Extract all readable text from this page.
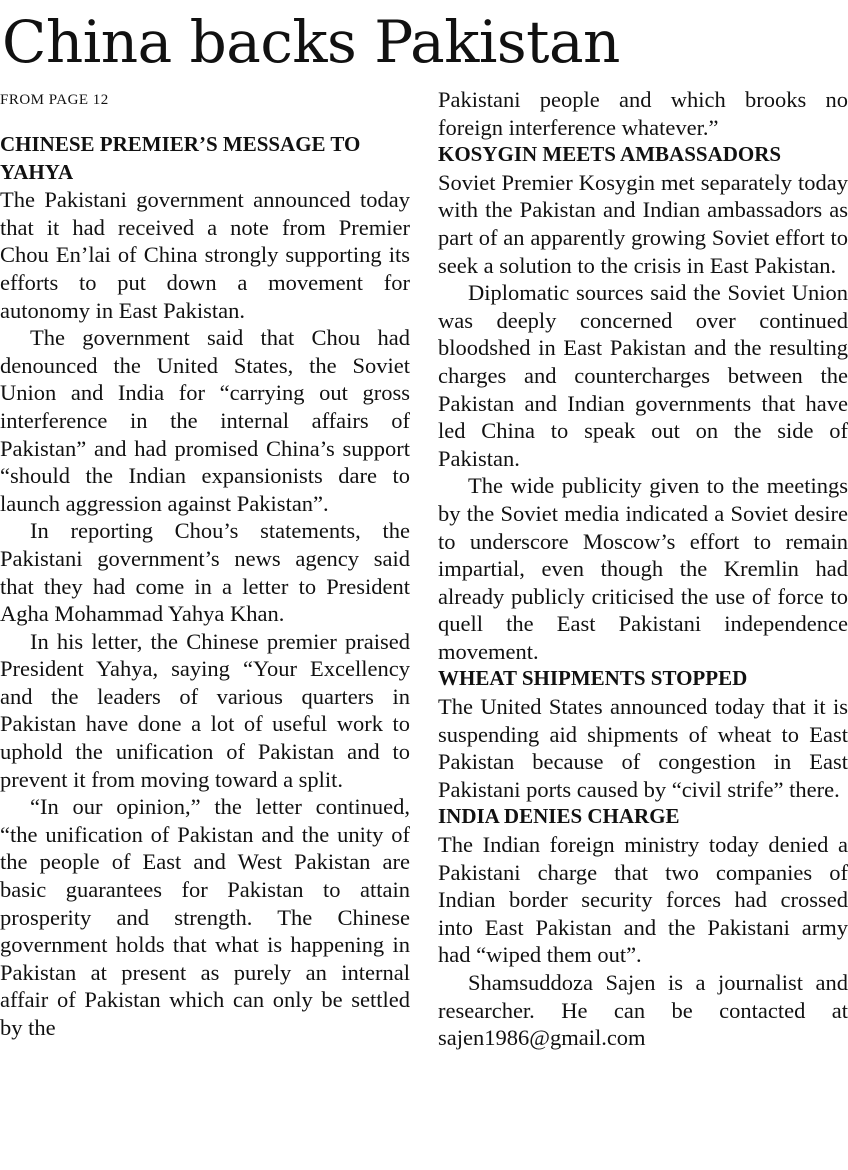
China backs Pakistan
FROM PAGE 12
CHINESE PREMIER’S MESSAGE TO YAHYA

The Pakistani government announced today that it had received a note from Premier Chou En’lai of China strongly supporting its efforts to put down a movement for autonomy in East Pakistan.

The government said that Chou had denounced the United States, the Soviet Union and India for “carrying out gross interference in the internal affairs of Pakistan” and had promised China’s support “should the Indian expansionists dare to launch aggression against Pakistan”.

In reporting Chou’s statements, the Pakistani government’s news agency said that they had come in a letter to President Agha Mohammad Yahya Khan.

In his letter, the Chinese premier praised President Yahya, saying “Your Excellency and the leaders of various quarters in Pakistan have done a lot of useful work to uphold the unification of Pakistan and to prevent it from moving toward a split.

“In our opinion,” the letter continued, “the unification of Pakistan and the unity of the people of East and West Pakistan are basic guarantees for Pakistan to attain prosperity and strength. The Chinese government holds that what is happening in Pakistan at present as purely an internal affair of Pakistan which can only be settled by the

Pakistani people and which brooks no foreign interference whatever.”

KOSYGIN MEETS AMBASSADORS

Soviet Premier Kosygin met separately today with the Pakistan and Indian ambassadors as part of an apparently growing Soviet effort to seek a solution to the crisis in East Pakistan.

Diplomatic sources said the Soviet Union was deeply concerned over continued bloodshed in East Pakistan and the resulting charges and countercharges between the Pakistan and Indian governments that have led China to speak out on the side of Pakistan.

The wide publicity given to the meetings by the Soviet media indicated a Soviet desire to underscore Moscow’s effort to remain impartial, even though the Kremlin had already publicly criticised the use of force to quell the East Pakistani independence movement.

WHEAT SHIPMENTS STOPPED

The United States announced today that it is suspending aid shipments of wheat to East Pakistan because of congestion in East Pakistani ports caused by “civil strife” there.

INDIA DENIES CHARGE

The Indian foreign ministry today denied a Pakistani charge that two companies of Indian border security forces had crossed into East Pakistan and the Pakistani army had “wiped them out”.

Shamsuddoza Sajen is a journalist and researcher. He can be contacted at sajen1986@gmail.com
